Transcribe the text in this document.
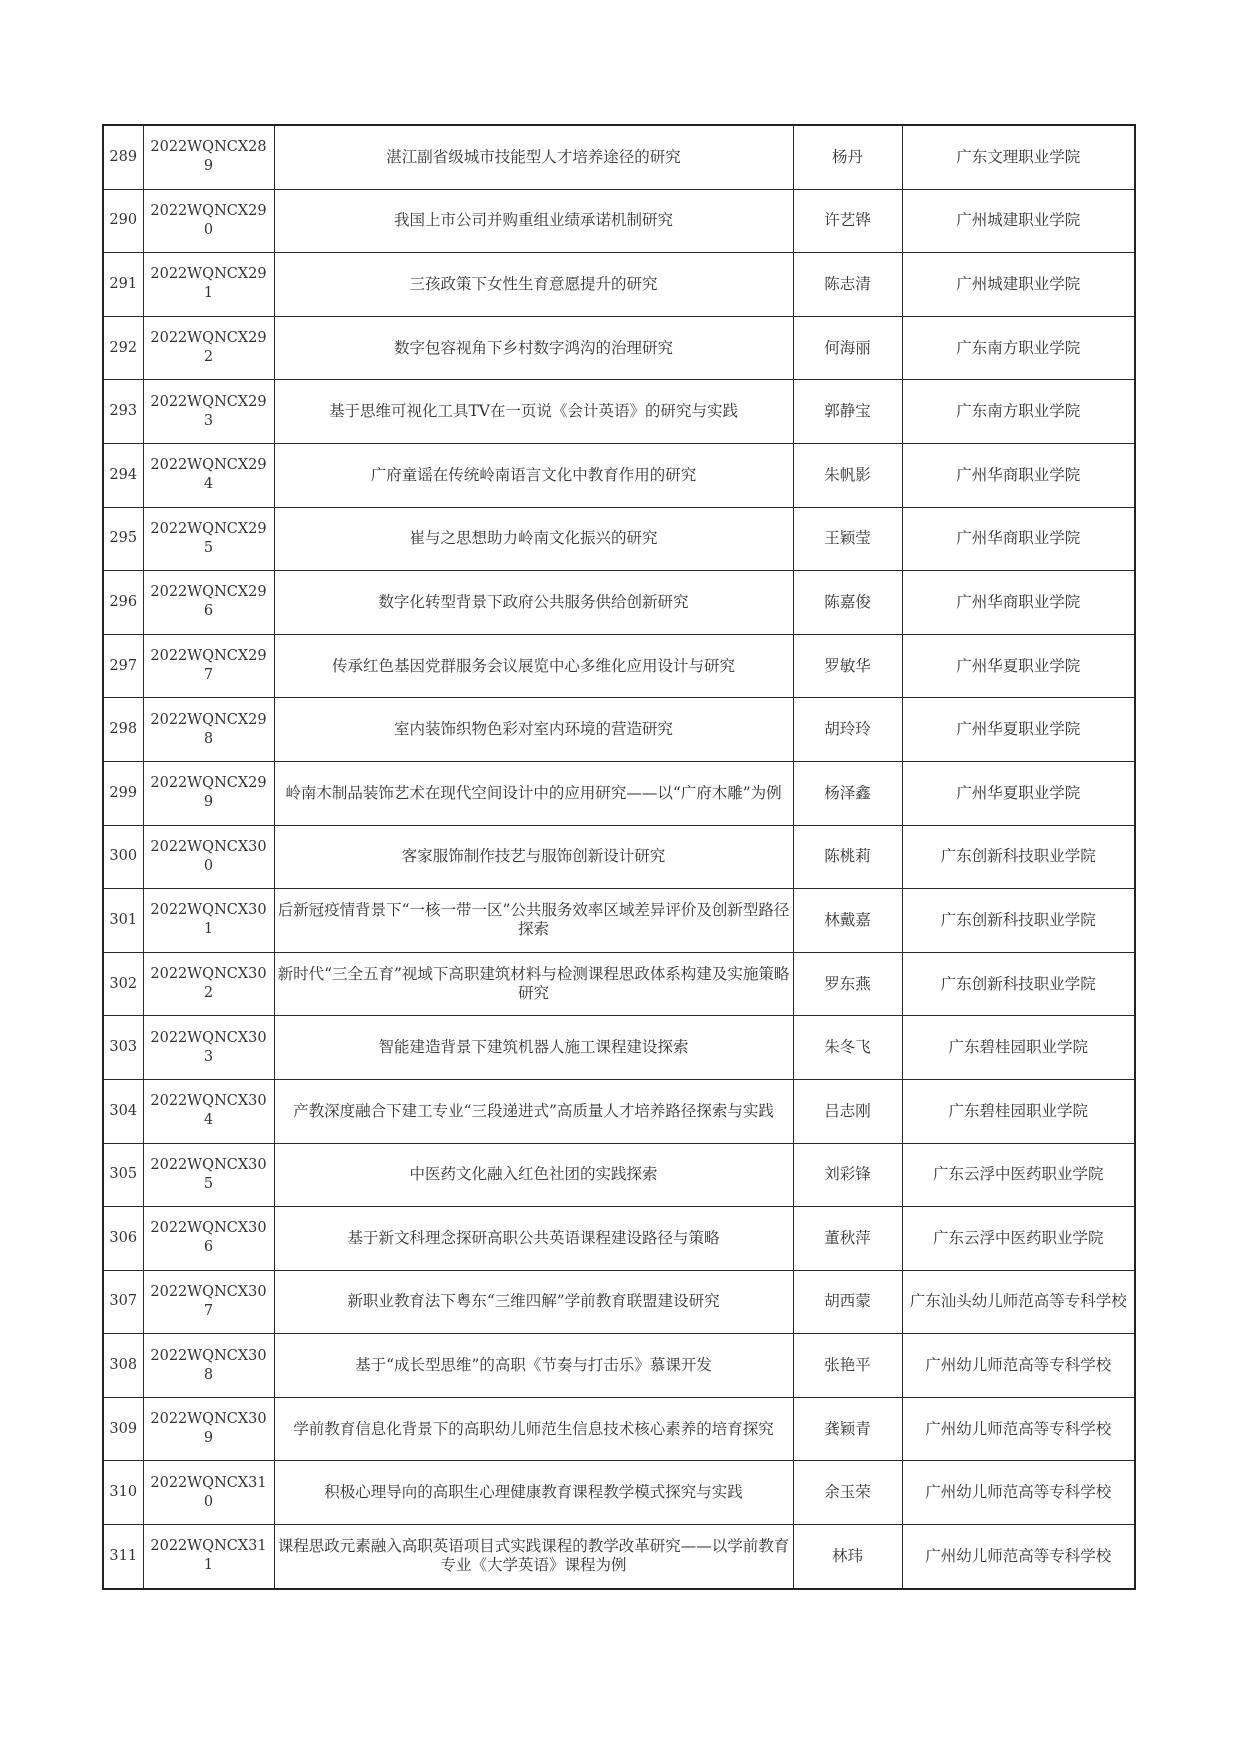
289	2022WQNCX289	湛江副省级城市技能型人才培养途径的研究	杨丹	广东文理职业学院
290	2022WQNCX290	我国上市公司并购重组业绩承诺机制研究	许艺铧	广州城建职业学院
291	2022WQNCX291	三孩政策下女性生育意愿提升的研究	陈志清	广州城建职业学院
292	2022WQNCX292	数字包容视角下乡村数字鸿沟的治理研究	何海丽	广东南方职业学院
293	2022WQNCX293	基于思维可视化工具TV在一页说《会计英语》的研究与实践	郭静宝	广东南方职业学院
294	2022WQNCX294	广府童谣在传统岭南语言文化中教育作用的研究	朱帆影	广州华商职业学院
295	2022WQNCX295	崔与之思想助力岭南文化振兴的研究	王颖莹	广州华商职业学院
296	2022WQNCX296	数字化转型背景下政府公共服务供给创新研究	陈嘉俊	广州华商职业学院
297	2022WQNCX297	传承红色基因党群服务会议展览中心多维化应用设计与研究	罗敏华	广州华夏职业学院
298	2022WQNCX298	室内装饰织物色彩对室内环境的营造研究	胡玲玲	广州华夏职业学院
299	2022WQNCX299	岭南木制品装饰艺术在现代空间设计中的应用研究——以“广府木雕”为例	杨泽鑫	广州华夏职业学院
300	2022WQNCX300	客家服饰制作技艺与服饰创新设计研究	陈桃莉	广东创新科技职业学院
301	2022WQNCX301	后新冠疫情背景下“一核一带一区”公共服务效率区域差异评价及创新型路径探索	林戴嘉	广东创新科技职业学院
302	2022WQNCX302	新时代“三全五育”视域下高职建筑材料与检测课程思政体系构建及实施策略研究	罗东燕	广东创新科技职业学院
303	2022WQNCX303	智能建造背景下建筑机器人施工课程建设探索	朱冬飞	广东碧桂园职业学院
304	2022WQNCX304	产教深度融合下建工专业“三段递进式”高质量人才培养路径探索与实践	吕志刚	广东碧桂园职业学院
305	2022WQNCX305	中医药文化融入红色社团的实践探索	刘彩锋	广东云浮中医药职业学院
306	2022WQNCX306	基于新文科理念探研高职公共英语课程建设路径与策略	董秋萍	广东云浮中医药职业学院
307	2022WQNCX307	新职业教育法下粤东“三维四解”学前教育联盟建设研究	胡西蒙	广东汕头幼儿师范高等专科学校
308	2022WQNCX308	基于“成长型思维”的高职《节奏与打击乐》慕课开发	张艳平	广州幼儿师范高等专科学校
309	2022WQNCX309	学前教育信息化背景下的高职幼儿师范生信息技术核心素养的培育探究	龚颖青	广州幼儿师范高等专科学校
310	2022WQNCX310	积极心理导向的高职生心理健康教育课程教学模式探究与实践	余玉荣	广州幼儿师范高等专科学校
311	2022WQNCX311	课程思政元素融入高职英语项目式实践课程的教学改革研究——以学前教育专业《大学英语》课程为例	林玮	广州幼儿师范高等专科学校
